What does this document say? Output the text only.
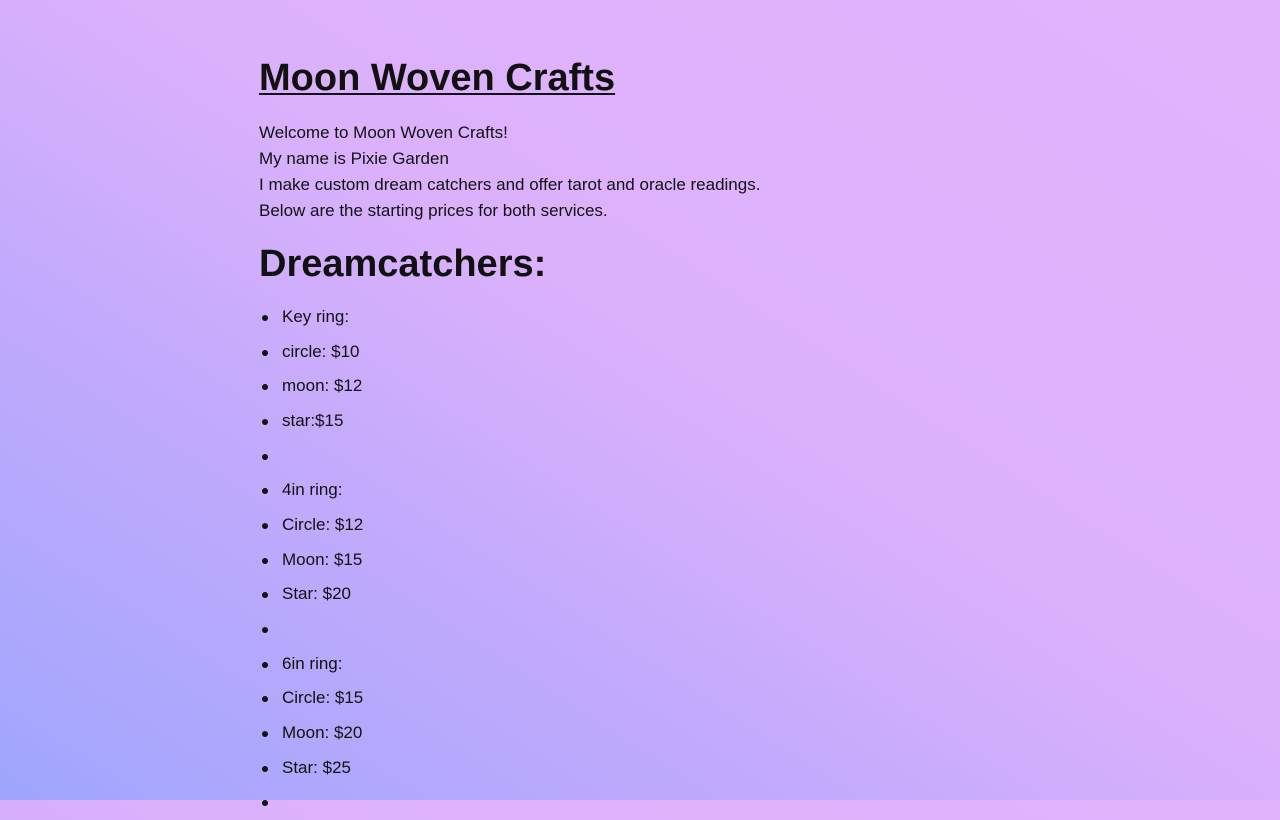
Moon Woven Crafts
Welcome to Moon Woven Crafts!
My name is Pixie Garden
I make custom dream catchers and offer tarot and oracle readings.
Below are the starting prices for both services.
Dreamcatchers:
Key ring:
circle: $10
moon: $12
star:$15
4in ring:
Circle: $12
Moon: $15
Star: $20
6in ring:
Circle: $15
Moon: $20
Star: $25
